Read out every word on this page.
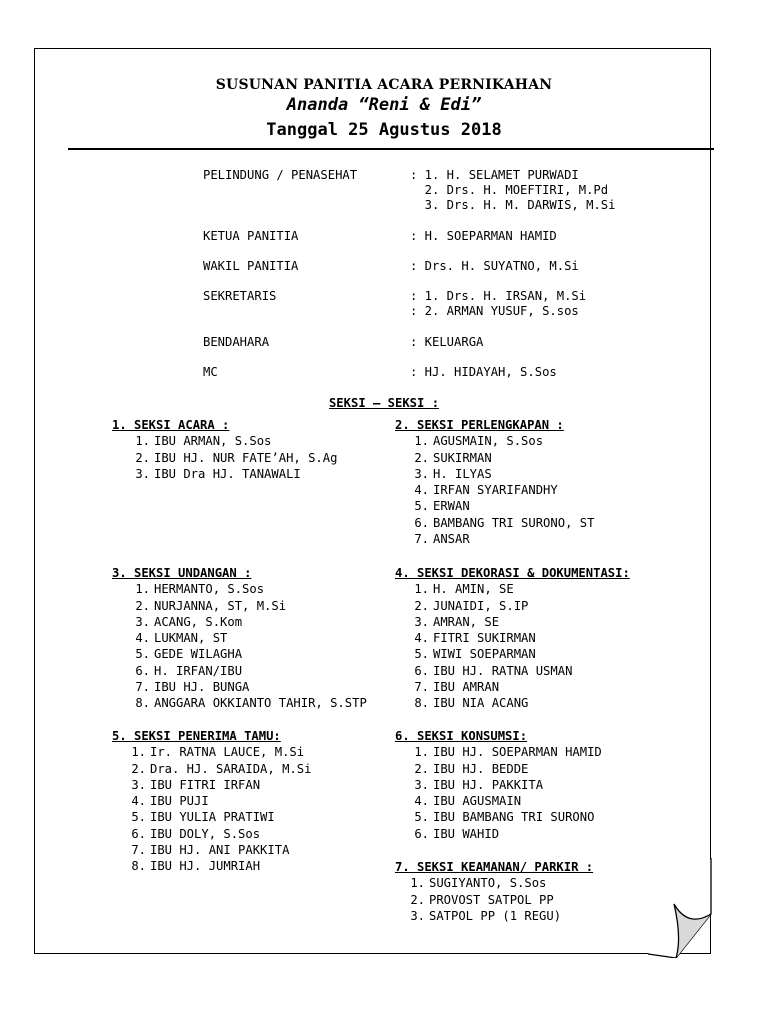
SUSUNAN PANITIA ACARA PERNIKAHAN
Ananda “Reni & Edi”
Tanggal 25 Agustus 2018
PELINDUNG / PENASEHAT	: 1. H. SELAMET PURWADI
2. Drs. H. MOEFTIRI, M.Pd
3. Drs. H. M. DARWIS, M.Si
KETUA PANITIA	: H. SOEPARMAN HAMID
WAKIL PANITIA	: Drs. H. SUYATNO, M.Si
SEKRETARIS	: 1. Drs. H. IRSAN, M.Si
: 2. ARMAN YUSUF, S.sos
BENDAHARA	: KELUARGA
MC	: HJ. HIDAYAH, S.Sos
SEKSI – SEKSI :
1. SEKSI ACARA :
1. IBU ARMAN, S.Sos
2. IBU HJ. NUR FATE’AH, S.Ag
3. IBU Dra HJ. TANAWALI
2. SEKSI PERLENGKAPAN :
1. AGUSMAIN, S.Sos
2. SUKIRMAN
3. H. ILYAS
4. IRFAN SYARIFANDHY
5. ERWAN
6. BAMBANG TRI SURONO, ST
7. ANSAR
3. SEKSI UNDANGAN :
1. HERMANTO, S.Sos
2. NURJANNA, ST, M.Si
3. ACANG, S.Kom
4. LUKMAN, ST
5. GEDE WILAGHA
6. H. IRFAN/IBU
7. IBU HJ. BUNGA
8. ANGGARA OKKIANTO TAHIR, S.STP
4. SEKSI DEKORASI & DOKUMENTASI:
1. H. AMIN, SE
2. JUNAIDI, S.IP
3. AMRAN, SE
4. FITRI SUKIRMAN
5. WIWI SOEPARMAN
6. IBU HJ. RATNA USMAN
7. IBU AMRAN
8. IBU NIA ACANG
5. SEKSI PENERIMA TAMU:
1. Ir. RATNA LAUCE, M.Si
2. Dra. HJ. SARAIDA, M.Si
3. IBU FITRI IRFAN
4. IBU PUJI
5. IBU YULIA PRATIWI
6. IBU DOLY, S.Sos
7. IBU HJ. ANI PAKKITA
8. IBU HJ. JUMRIAH
6. SEKSI KONSUMSI:
1. IBU HJ. SOEPARMAN HAMID
2. IBU HJ. BEDDE
3. IBU HJ. PAKKITA
4. IBU AGUSMAIN
5. IBU BAMBANG TRI SURONO
6. IBU WAHID
7. SEKSI KEAMANAN/ PARKIR :
1. SUGIYANTO, S.Sos
2. PROVOST SATPOL PP
3. SATPOL PP (1 REGU)
